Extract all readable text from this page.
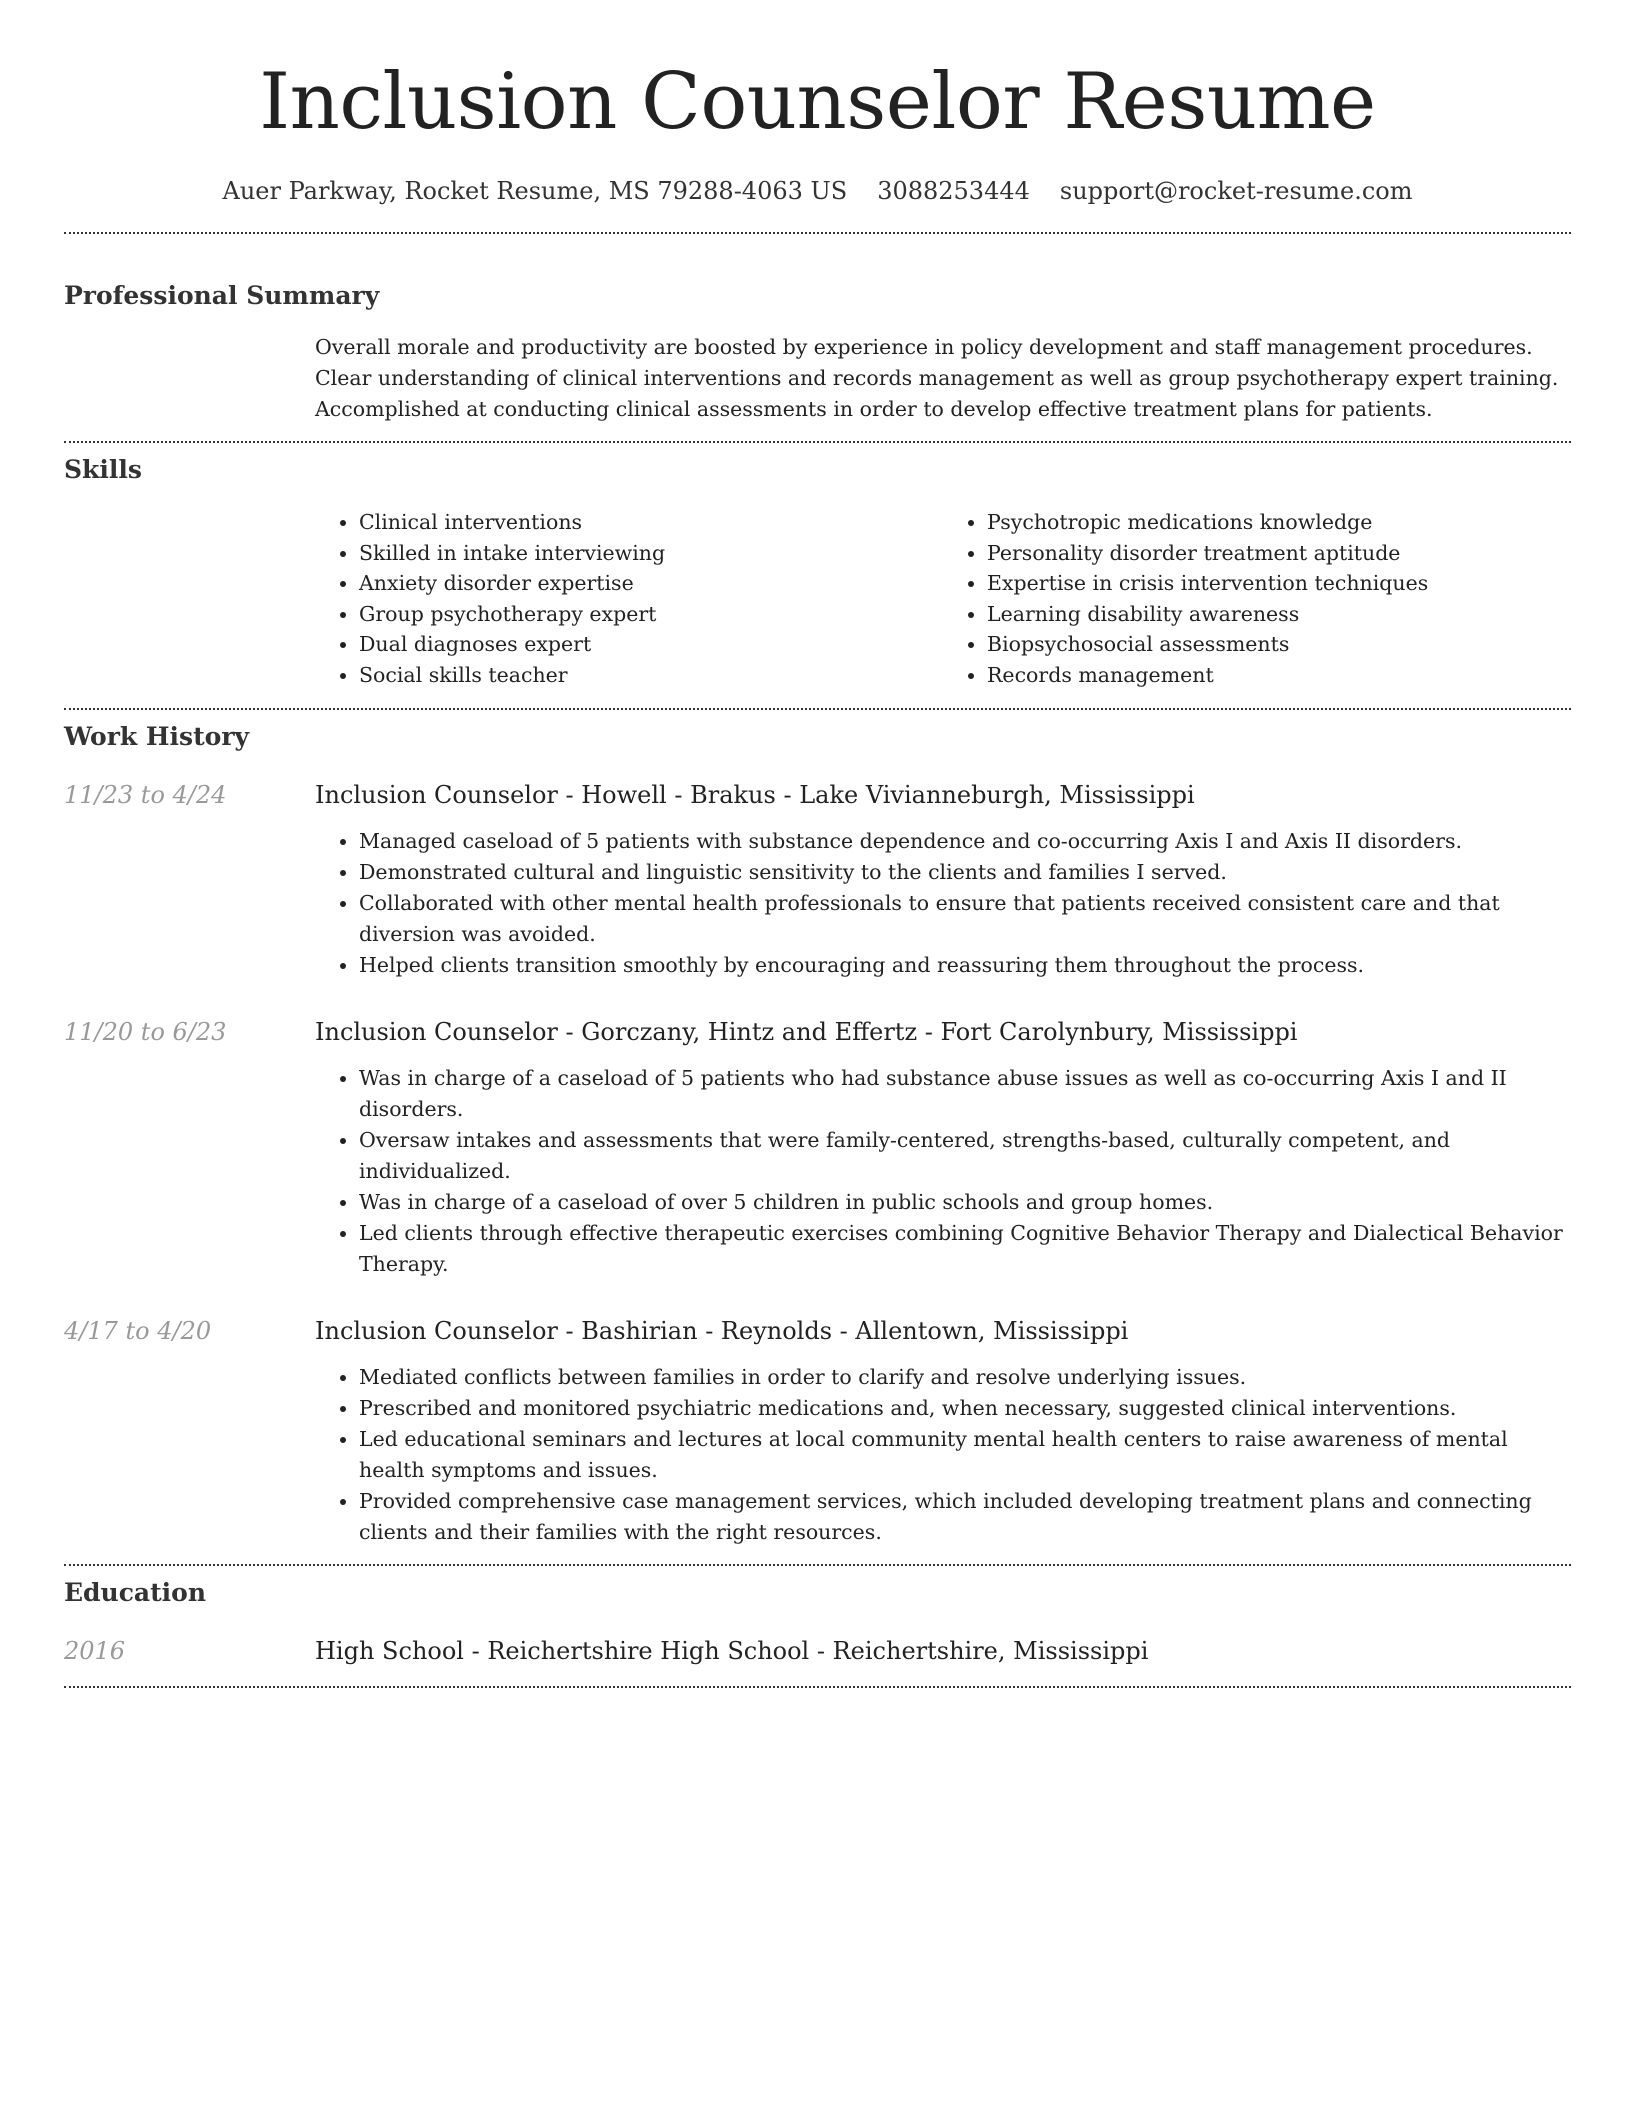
Inclusion Counselor Resume
Auer Parkway, Rocket Resume, MS 79288-4063 US 3088253444 support@rocket-resume.com
Professional Summary
Overall morale and productivity are boosted by experience in policy development and staff management procedures. Clear understanding of clinical interventions and records management as well as group psychotherapy expert training. Accomplished at conducting clinical assessments in order to develop effective treatment plans for patients.
Skills
• Clinical interventions
• Skilled in intake interviewing
• Anxiety disorder expertise
• Group psychotherapy expert
• Dual diagnoses expert
• Social skills teacher
• Psychotropic medications knowledge
• Personality disorder treatment aptitude
• Expertise in crisis intervention techniques
• Learning disability awareness
• Biopsychosocial assessments
• Records management
Work History
11/23 to 4/24	Inclusion Counselor - Howell - Brakus - Lake Vivianneburgh, Mississippi
• Managed caseload of 5 patients with substance dependence and co-occurring Axis I and Axis II disorders.
• Demonstrated cultural and linguistic sensitivity to the clients and families I served.
• Collaborated with other mental health professionals to ensure that patients received consistent care and that diversion was avoided.
• Helped clients transition smoothly by encouraging and reassuring them throughout the process.
11/20 to 6/23	Inclusion Counselor - Gorczany, Hintz and Effertz - Fort Carolynbury, Mississippi
• Was in charge of a caseload of 5 patients who had substance abuse issues as well as co-occurring Axis I and II disorders.
• Oversaw intakes and assessments that were family-centered, strengths-based, culturally competent, and individualized.
• Was in charge of a caseload of over 5 children in public schools and group homes.
• Led clients through effective therapeutic exercises combining Cognitive Behavior Therapy and Dialectical Behavior Therapy.
4/17 to 4/20	Inclusion Counselor - Bashirian - Reynolds - Allentown, Mississippi
• Mediated conflicts between families in order to clarify and resolve underlying issues.
• Prescribed and monitored psychiatric medications and, when necessary, suggested clinical interventions.
• Led educational seminars and lectures at local community mental health centers to raise awareness of mental health symptoms and issues.
• Provided comprehensive case management services, which included developing treatment plans and connecting clients and their families with the right resources.
Education
2016	High School - Reichertshire High School - Reichertshire, Mississippi
